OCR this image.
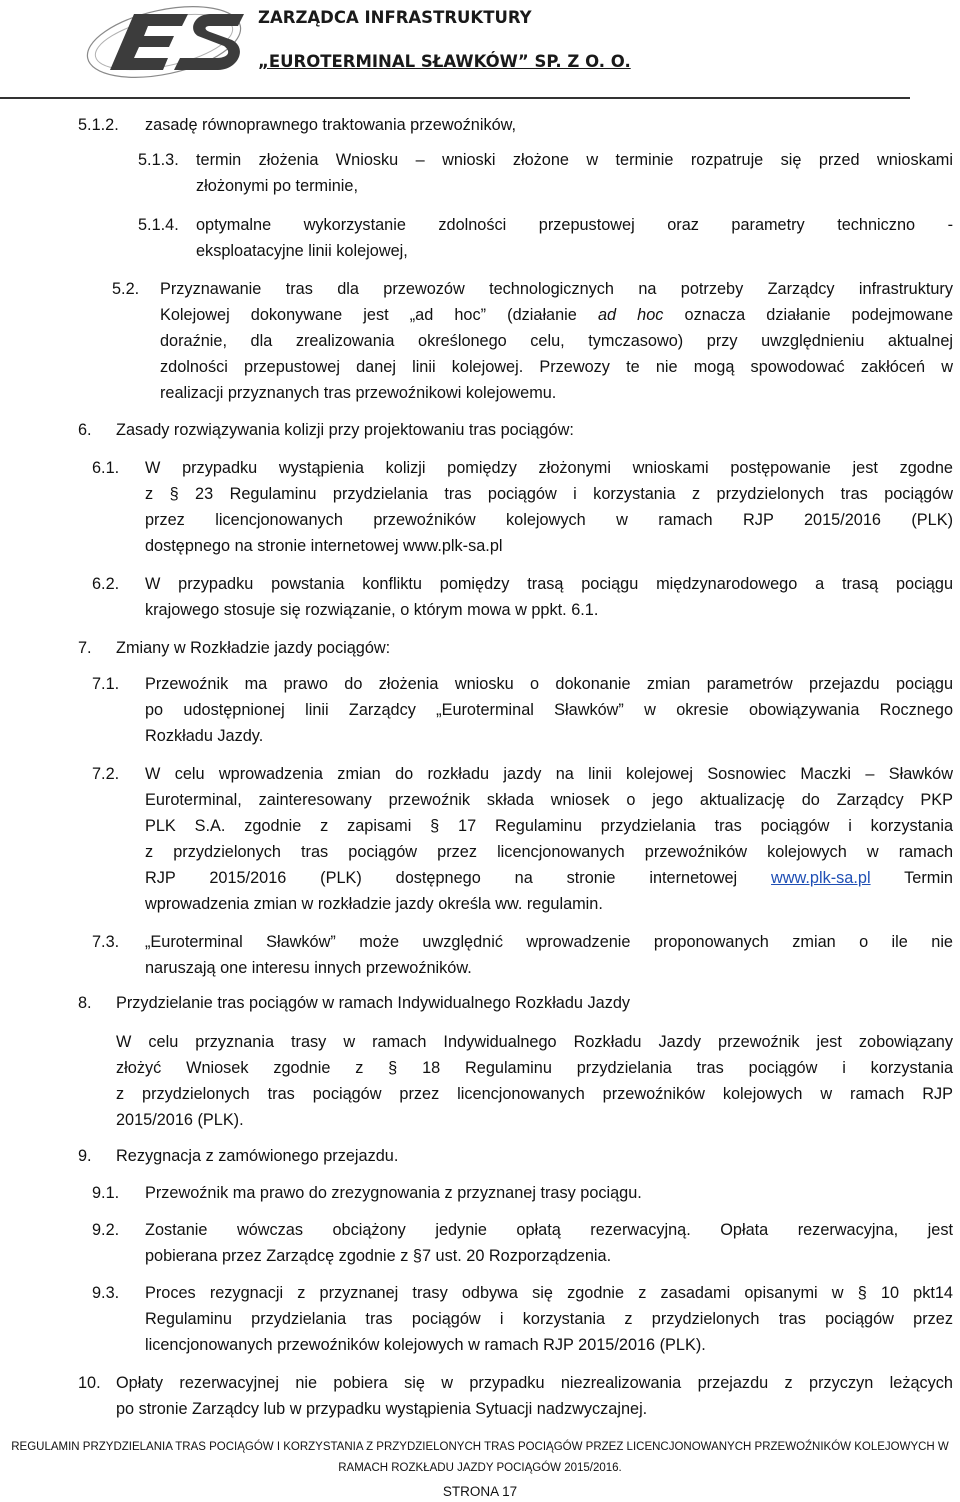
ZARZĄDCA INFRASTRUKTURY
„EUROTERMINAL SŁAWKÓW” SP. Z O. O.
5.1.2. zasadę równoprawnego traktowania przewoźników,
5.1.3. termin złożenia Wniosku – wnioski złożone w terminie rozpatruje się przed wnioskami
złożonymi po terminie,
5.1.4. optymalne wykorzystanie zdolności przepustowej oraz parametry techniczno -
eksploatacyjne linii kolejowej,
5.2. Przyznawanie tras dla przewozów technologicznych na potrzeby Zarządcy infrastruktury
Kolejowej dokonywane jest „ad hoc” (działanie ad hoc oznacza działanie podejmowane
doraźnie, dla zrealizowania określonego celu, tymczasowo) przy uwzględnieniu aktualnej
zdolności przepustowej danej linii kolejowej. Przewozy te nie mogą spowodować zakłóceń w
realizacji przyznanych tras przewoźnikowi kolejowemu.
6. Zasady rozwiązywania kolizji przy projektowaniu tras pociągów:
6.1. W przypadku wystąpienia kolizji pomiędzy złożonymi wnioskami postępowanie jest zgodne
z § 23 Regulaminu przydzielania tras pociągów i korzystania z przydzielonych tras pociągów
przez licencjonowanych przewoźników kolejowych w ramach RJP 2015/2016 (PLK)
dostępnego na stronie internetowej www.plk-sa.pl
6.2. W przypadku powstania konfliktu pomiędzy trasą pociągu międzynarodowego a trasą pociągu
krajowego stosuje się rozwiązanie, o którym mowa w ppkt. 6.1.
7. Zmiany w Rozkładzie jazdy pociągów:
7.1. Przewoźnik ma prawo do złożenia wniosku o dokonanie zmian parametrów przejazdu pociągu
po udostępnionej linii Zarządcy „Euroterminal Sławków” w okresie obowiązywania Rocznego
Rozkładu Jazdy.
7.2. W celu wprowadzenia zmian do rozkładu jazdy na linii kolejowej Sosnowiec Maczki – Sławków
Euroterminal, zainteresowany przewoźnik składa wniosek o jego aktualizację do Zarządcy PKP
PLK S.A. zgodnie z zapisami § 17 Regulaminu przydzielania tras pociągów i korzystania
z przydzielonych tras pociągów przez licencjonowanych przewoźników kolejowych w ramach
RJP 2015/2016 (PLK) dostępnego na stronie internetowej www.plk-sa.pl Termin
wprowadzenia zmian w rozkładzie jazdy określa ww. regulamin.
7.3. „Euroterminal Sławków” może uwzględnić wprowadzenie proponowanych zmian o ile nie
naruszają one interesu innych przewoźników.
8. Przydzielanie tras pociągów w ramach Indywidualnego Rozkładu Jazdy
W celu przyznania trasy w ramach Indywidualnego Rozkładu Jazdy przewoźnik jest zobowiązany
złożyć Wniosek zgodnie z § 18 Regulaminu przydzielania tras pociągów i korzystania
z przydzielonych tras pociągów przez licencjonowanych przewoźników kolejowych w ramach RJP
2015/2016 (PLK).
9. Rezygnacja z zamówionego przejazdu.
9.1. Przewoźnik ma prawo do zrezygnowania z przyznanej trasy pociągu.
9.2. Zostanie wówczas obciążony jedynie opłatą rezerwacyjną. Opłata rezerwacyjna, jest
pobierana przez Zarządcę zgodnie z §7 ust. 20 Rozporządzenia.
9.3. Proces rezygnacji z przyznanej trasy odbywa się zgodnie z zasadami opisanymi w § 10 pkt14
Regulaminu przydzielania tras pociągów i korzystania z przydzielonych tras pociągów przez
licencjonowanych przewoźników kolejowych w ramach RJP 2015/2016 (PLK).
10. Opłaty rezerwacyjnej nie pobiera się w przypadku niezrealizowania przejazdu z przyczyn leżących
po stronie Zarządcy lub w przypadku wystąpienia Sytuacji nadzwyczajnej.
REGULAMIN PRZYDZIELANIA TRAS POCIĄGÓW I KORZYSTANIA Z PRZYDZIELONYCH TRAS POCIĄGÓW PRZEZ LICENCJONOWANYCH PRZEWOŹNIKÓW KOLEJOWYCH W
RAMACH ROZKŁADU JAZDY POCIĄGÓW 2015/2016.
STRONA 17
